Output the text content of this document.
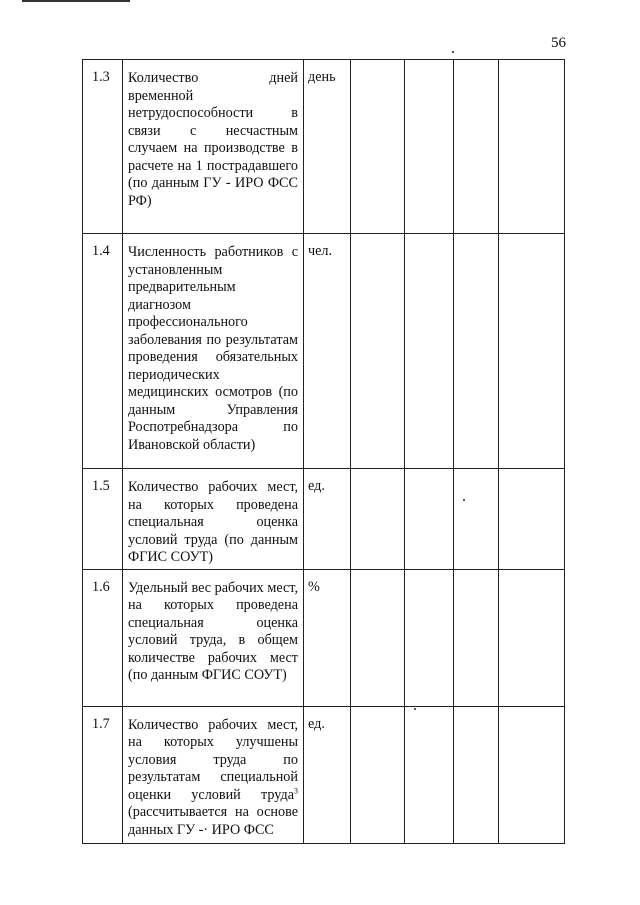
56
1.3	Количество дней временной нетрудоспособности в связи с несчастным случаем на производстве в расчете на 1 пострадавшего (по данным ГУ - ИРО ФСС РФ)	день				
1.4	Численность работников с установленным предварительным диагнозом профессионального заболевания по результатам проведения обязательных периодических медицинских осмотров (по данным Управления Роспотребнадзора по Ивановской области)	чел.				
1.5	Количество рабочих мест, на которых проведена специальная оценка условий труда (по данным ФГИС СОУТ)	ед.				
1.6	Удельный вес рабочих мест, на которых проведена специальная оценка условий труда, в общем количестве рабочих мест (по данным ФГИС СОУТ)	%				
1.7	Количество рабочих мест, на которых улучшены условия труда по результатам специальной оценки условий труда$^3$ (рассчитывается на основе данных ГУ -· ИРО ФСС	ед.				
